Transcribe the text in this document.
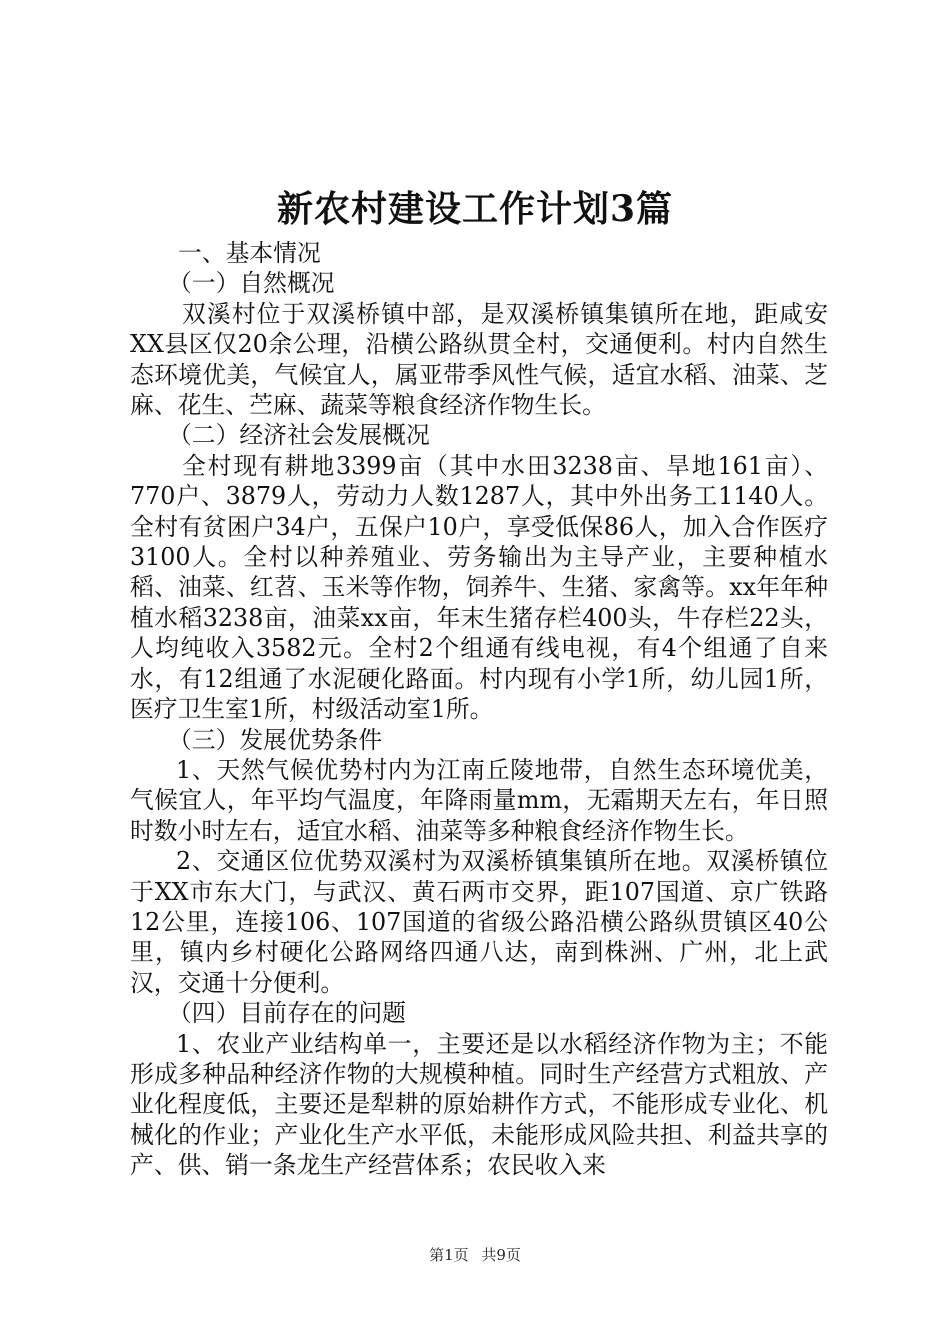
新农村建设工作计划3篇

一、基本情况

（一）自然概况

双溪村位于双溪桥镇中部，是双溪桥镇集镇所在地，距咸安XX县区仅20余公理，沿横公路纵贯全村，交通便利。村内自然生态环境优美，气候宜人，属亚带季风性气候，适宜水稻、油菜、芝麻、花生、苎麻、蔬菜等粮食经济作物生长。

（二）经济社会发展概况

全村现有耕地3399亩（其中水田3238亩、旱地161亩）、770户、3879人，劳动力人数1287人，其中外出务工1140人。全村有贫困户34户，五保户10户，享受低保86人，加入合作医疗3100人。全村以种养殖业、劳务输出为主导产业，主要种植水稻、油菜、红苕、玉米等作物，饲养牛、生猪、家禽等。xx年年种植水稻3238亩，油菜xx亩，年末生猪存栏400头，牛存栏22头，人均纯收入3582元。全村2个组通有线电视，有4个组通了自来水，有12组通了水泥硬化路面。村内现有小学1所，幼儿园1所，医疗卫生室1所，村级活动室1所。

（三）发展优势条件

1、天然气候优势村内为江南丘陵地带，自然生态环境优美，气候宜人，年平均气温度，年降雨量mm，无霜期天左右，年日照时数小时左右，适宜水稻、油菜等多种粮食经济作物生长。

2、交通区位优势双溪村为双溪桥镇集镇所在地。双溪桥镇位于XX市东大门，与武汉、黄石两市交界，距107国道、京广铁路12公里，连接106、107国道的省级公路沿横公路纵贯镇区40公里，镇内乡村硬化公路网络四通八达，南到株洲、广州，北上武汉，交通十分便利。

（四）目前存在的问题

1、农业产业结构单一，主要还是以水稻经济作物为主；不能形成多种品种经济作物的大规模种植。同时生产经营方式粗放、产业化程度低，主要还是犁耕的原始耕作方式，不能形成专业化、机械化的作业；产业化生产水平低，未能形成风险共担、利益共享的产、供、销一条龙生产经营体系；农民收入来

第1页 共9页
